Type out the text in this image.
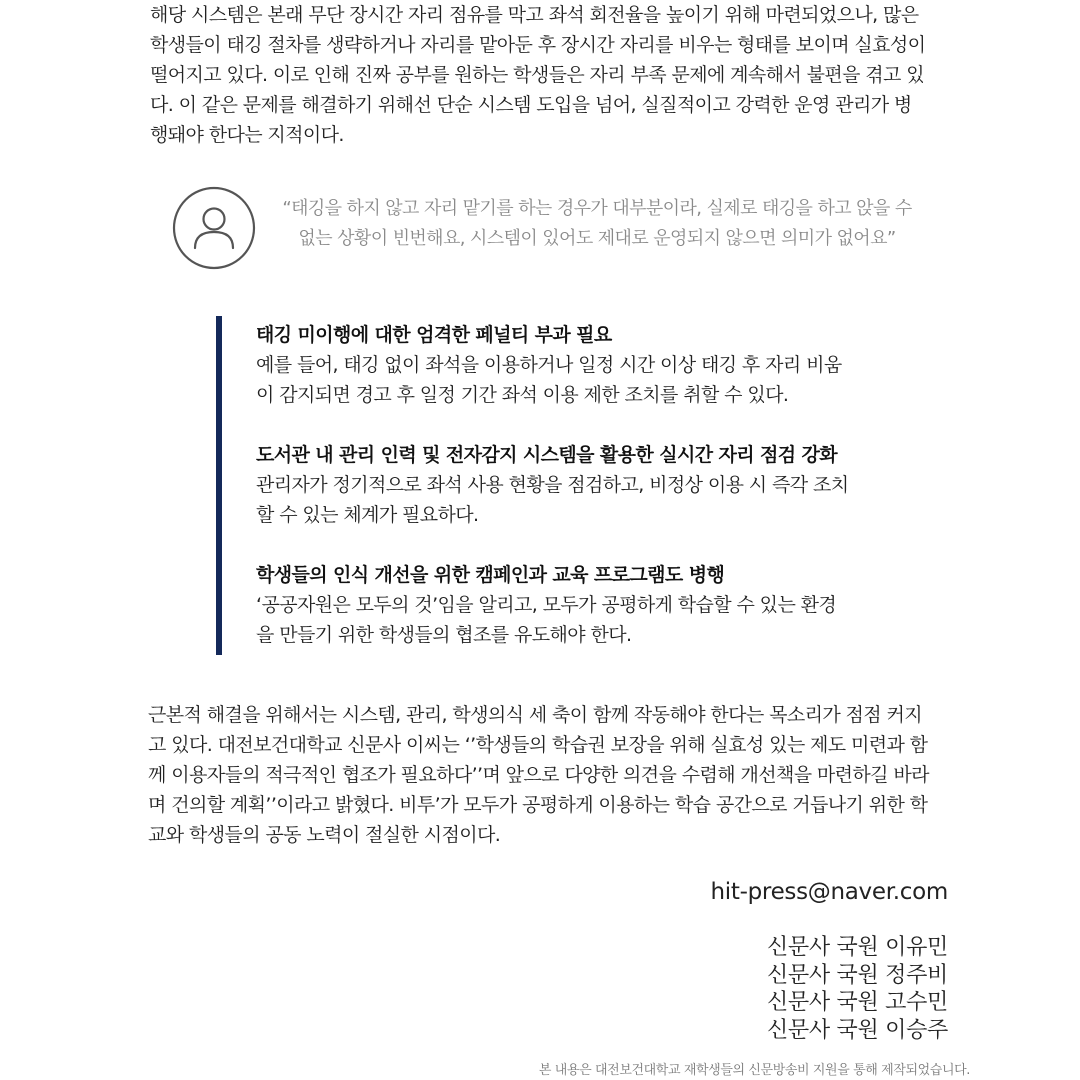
해당 시스템은 본래 무단 장시간 자리 점유를 막고 좌석 회전율을 높이기 위해 마련되었으나, 많은
학생들이 태깅 절차를 생략하거나 자리를 맡아둔 후 장시간 자리를 비우는 형태를 보이며 실효성이
떨어지고 있다. 이로 인해 진짜 공부를 원하는 학생들은 자리 부족 문제에 계속해서 불편을 겪고 있
다. 이 같은 문제를 해결하기 위해선 단순 시스템 도입을 넘어, 실질적이고 강력한 운영 관리가 병
행돼야 한다는 지적이다.
“태깅을 하지 않고 자리 맡기를 하는 경우가 대부분이라, 실제로 태깅을 하고 앉을 수
없는 상황이 빈번해요, 시스템이 있어도 제대로 운영되지 않으면 의미가 없어요”
태깅 미이행에 대한 엄격한 페널티 부과 필요
예를 들어, 태깅 없이 좌석을 이용하거나 일정 시간 이상 태깅 후 자리 비움
이 감지되면 경고 후 일정 기간 좌석 이용 제한 조치를 취할 수 있다.
도서관 내 관리 인력 및 전자감지 시스템을 활용한 실시간 자리 점검 강화
관리자가 정기적으로 좌석 사용 현황을 점검하고, 비정상 이용 시 즉각 조치
할 수 있는 체계가 필요하다.
학생들의 인식 개선을 위한 캠페인과 교육 프로그램도 병행
‘공공자원은 모두의 것’임을 알리고, 모두가 공평하게 학습할 수 있는 환경
을 만들기 위한 학생들의 협조를 유도해야 한다.
근본적 해결을 위해서는 시스템, 관리, 학생의식 세 축이 함께 작동해야 한다는 목소리가 점점 커지
고 있다. 대전보건대학교 신문사 이씨는 ‘’학생들의 학습권 보장을 위해 실효성 있는 제도 미련과 함
께 이용자들의 적극적인 협조가 필요하다’’며 앞으로 다양한 의견을 수렴해 개선책을 마련하길 바라
며 건의할 계획’’이라고 밝혔다. 비투’가 모두가 공평하게 이용하는 학습 공간으로 거듭나기 위한 학
교와 학생들의 공동 노력이 절실한 시점이다.
hit-press@naver.com
신문사 국원 이유민
신문사 국원 정주비
신문사 국원 고수민
신문사 국원 이승주
본 내용은 대전보건대학교 재학생들의 신문방송비 지원을 통해 제작되었습니다.
